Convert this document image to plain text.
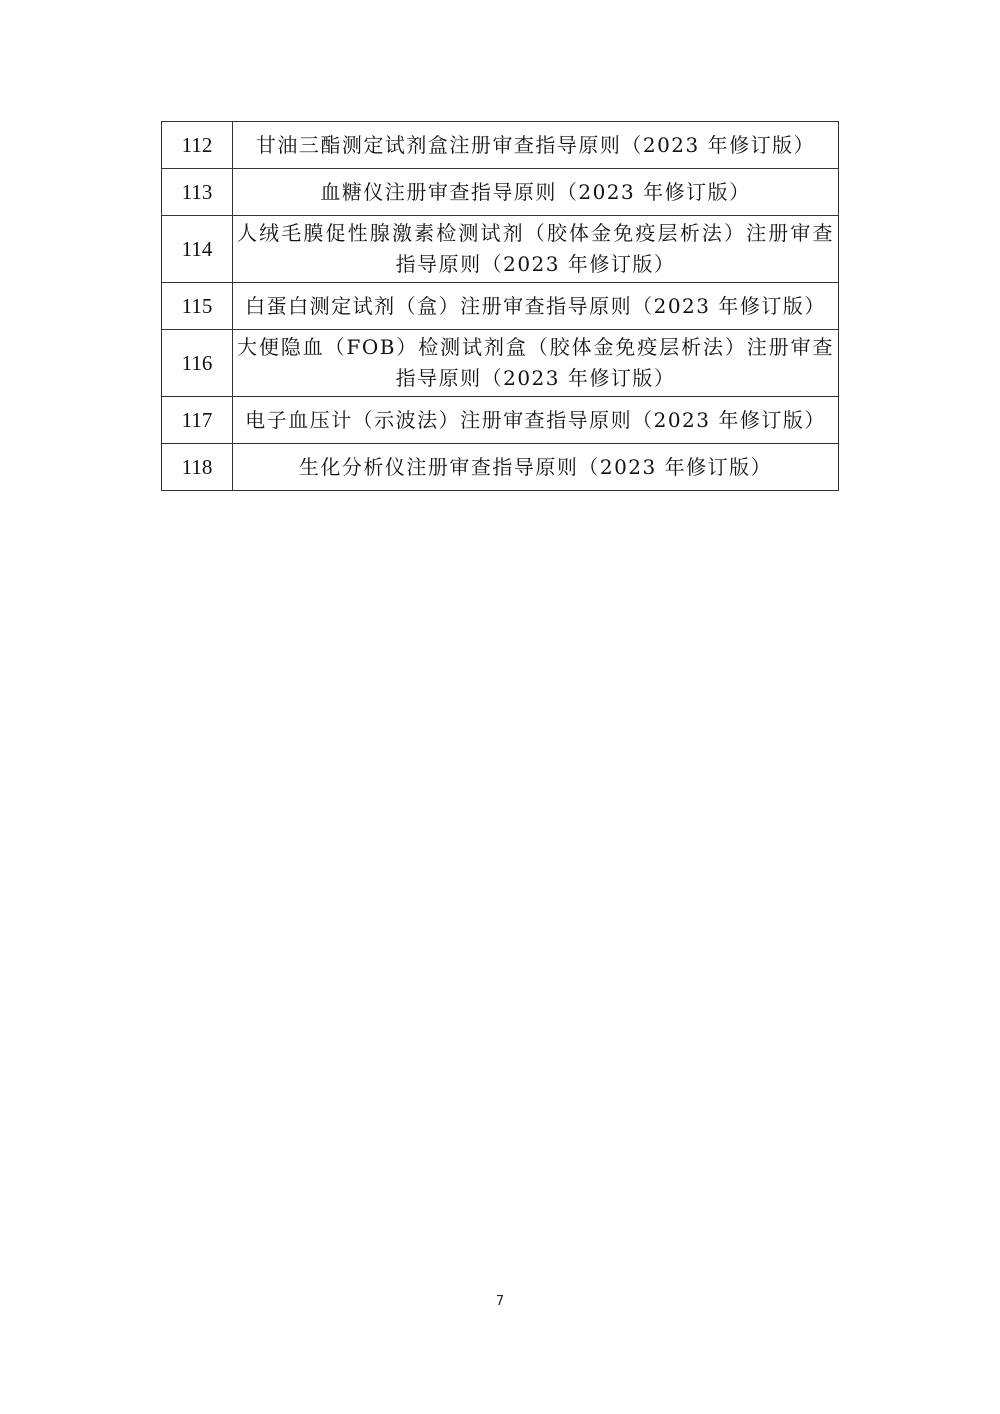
112	甘油三酯测定试剂盒注册审查指导原则（2023 年修订版）
113	血糖仪注册审查指导原则（2023 年修订版）
114	人绒毛膜促性腺激素检测试剂（胶体金免疫层析法）注册审查指导原则（2023 年修订版）
115	白蛋白测定试剂（盒）注册审查指导原则（2023 年修订版）
116	大便隐血（FOB）检测试剂盒（胶体金免疫层析法）注册审查指导原则（2023 年修订版）
117	电子血压计（示波法）注册审查指导原则（2023 年修订版）
118	生化分析仪注册审查指导原则（2023 年修订版）
7
